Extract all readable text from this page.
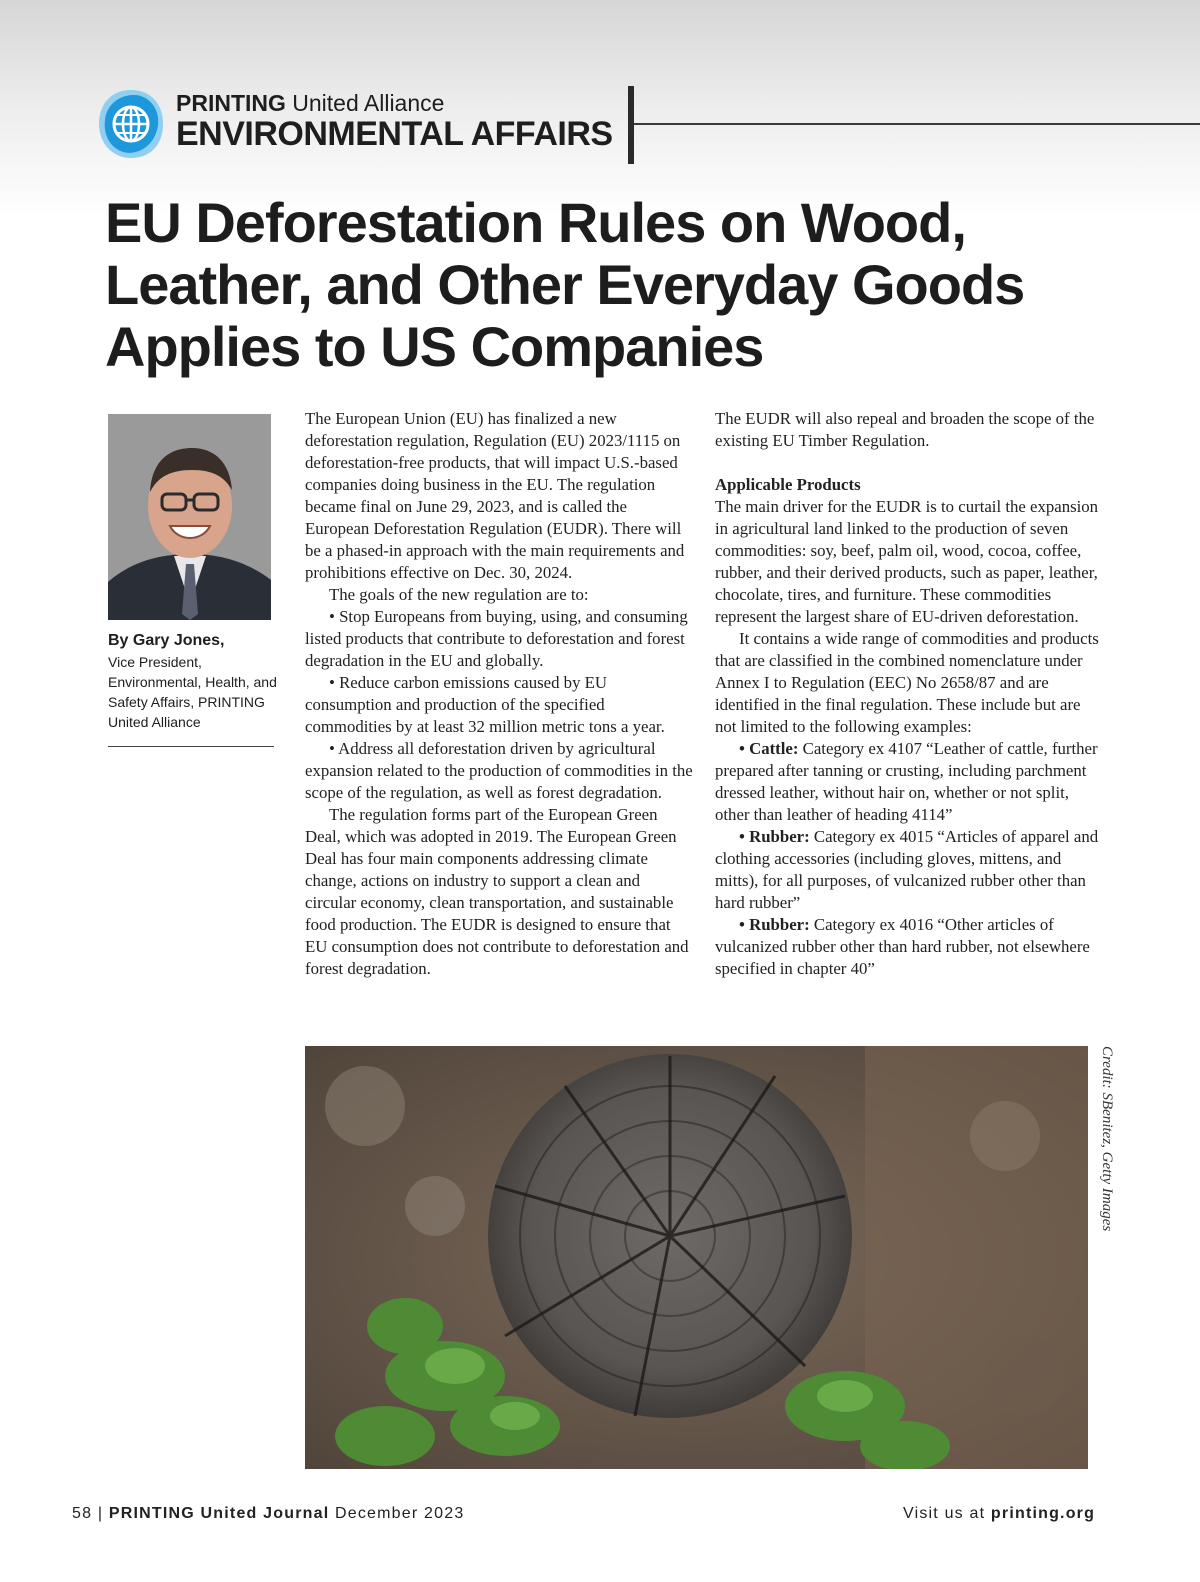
PRINTING United Alliance
ENVIRONMENTAL AFFAIRS
EU Deforestation Rules on Wood, Leather, and Other Everyday Goods Applies to US Companies
By Gary Jones,
Vice President, Environmental, Health, and Safety Affairs, PRINTING United Alliance

The European Union (EU) has finalized a new deforestation regulation, Regulation (EU) 2023/1115 on deforestation-free products, that will impact U.S.-based companies doing business in the EU. The regulation became final on June 29, 2023, and is called the European Deforestation Regulation (EUDR). There will be a phased-in approach with the main requirements and prohibitions effective on Dec. 30, 2024.

The goals of the new regulation are to:

• Stop Europeans from buying, using, and consuming listed products that contribute to deforestation and forest degradation in the EU and globally.

• Reduce carbon emissions caused by EU consumption and production of the specified commodities by at least 32 million metric tons a year.

• Address all deforestation driven by agricultural expansion related to the production of commodities in the scope of the regulation, as well as forest degradation.

The regulation forms part of the European Green Deal, which was adopted in 2019. The European Green Deal has four main components addressing climate change, actions on industry to support a clean and circular economy, clean transportation, and sustainable food production. The EUDR is designed to ensure that EU consumption does not contribute to deforestation and forest degradation.

The EUDR will also repeal and broaden the scope of the existing EU Timber Regulation.

Applicable Products

The main driver for the EUDR is to curtail the expansion in agricultural land linked to the production of seven commodities: soy, beef, palm oil, wood, cocoa, coffee, rubber, and their derived products, such as paper, leather, chocolate, tires, and furniture. These commodities represent the largest share of EU-driven deforestation.

It contains a wide range of commodities and products that are classified in the combined nomenclature under Annex I to Regulation (EEC) No 2658/87 and are identified in the final regulation. These include but are not limited to the following examples:

• Cattle: Category ex 4107 “Leather of cattle, further prepared after tanning or crusting, including parchment dressed leather, without hair on, whether or not split, other than leather of heading 4114”

• Rubber: Category ex 4015 “Articles of apparel and clothing accessories (including gloves, mittens, and mitts), for all purposes, of vulcanized rubber other than hard rubber”

• Rubber: Category ex 4016 “Other articles of vulcanized rubber other than hard rubber, not elsewhere specified in chapter 40”

Credit: SBenitez, Getty Images
58 | PRINTING United Journal December 2023	Visit us at printing.org
